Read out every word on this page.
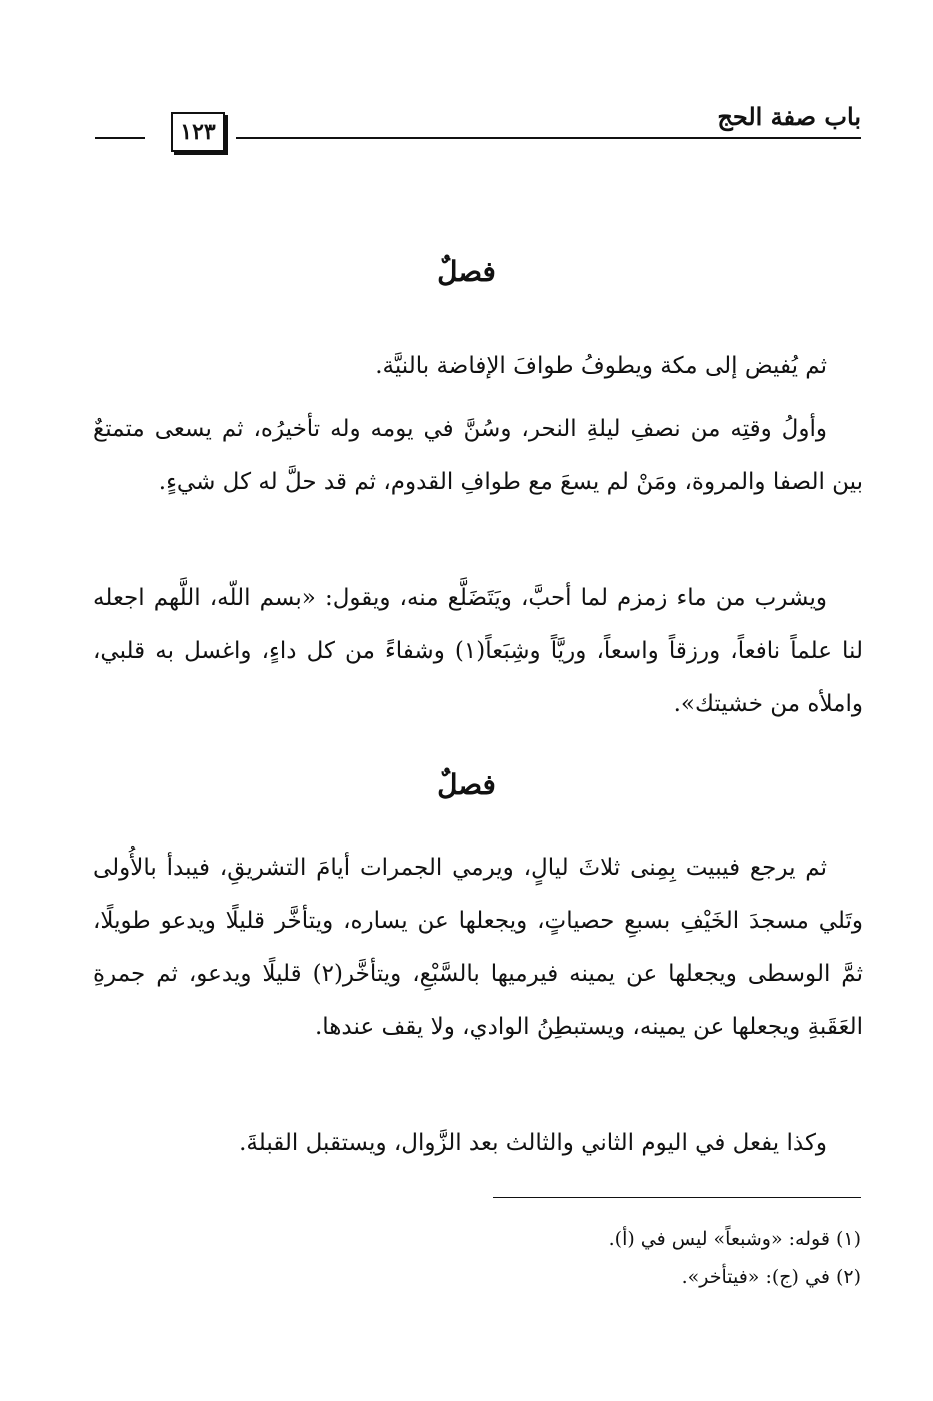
باب صفة الحج
١٢٣
فصلٌ

ثم يُفيض إلى مكة ويطوفُ طوافَ الإفاضة بالنيَّة.

وأولُ وقتِه من نصفِ ليلةِ النحر، وسُنَّ في يومه وله تأخيرُه، ثم يسعى متمتعٌ بين الصفا والمروة، ومَنْ لم يسعَ مع طوافِ القدوم، ثم قد حلَّ له كل شيءٍ.

ويشرب من ماء زمزم لما أحبَّ، ويَتَضَلَّع منه، ويقول: «بسم اللّه، اللَّهم اجعله لنا علماً نافعاً، ورزقاً واسعاً، وريَّاً وشِبَعاً(١) وشفاءً من كل داءٍ، واغسل به قلبي، واملأه من خشيتك».

فصلٌ

ثم يرجع فيبيت بِمِنى ثلاثَ ليالٍ، ويرمي الجمرات أيامَ التشريقِ، فيبدأ بالأُولى وتَلي مسجدَ الخَيْفِ بسبعِ حصياتٍ، ويجعلها عن يساره، ويتأخَّر قليلًا ويدعو طويلًا، ثمَّ الوسطى ويجعلها عن يمينه فيرميها بالسَّبْعِ، ويتأخَّر(٢) قليلًا ويدعو، ثم جمرةِ العَقَبةِ ويجعلها عن يمينه، ويستبطِنُ الوادي، ولا يقف عندها.

وكذا يفعل في اليوم الثاني والثالث بعد الزَّوال، ويستقبل القبلةَ.

(١) قوله: «وشبعاً» ليس في (أ).
(٢) في (ج): «فيتأخر».
